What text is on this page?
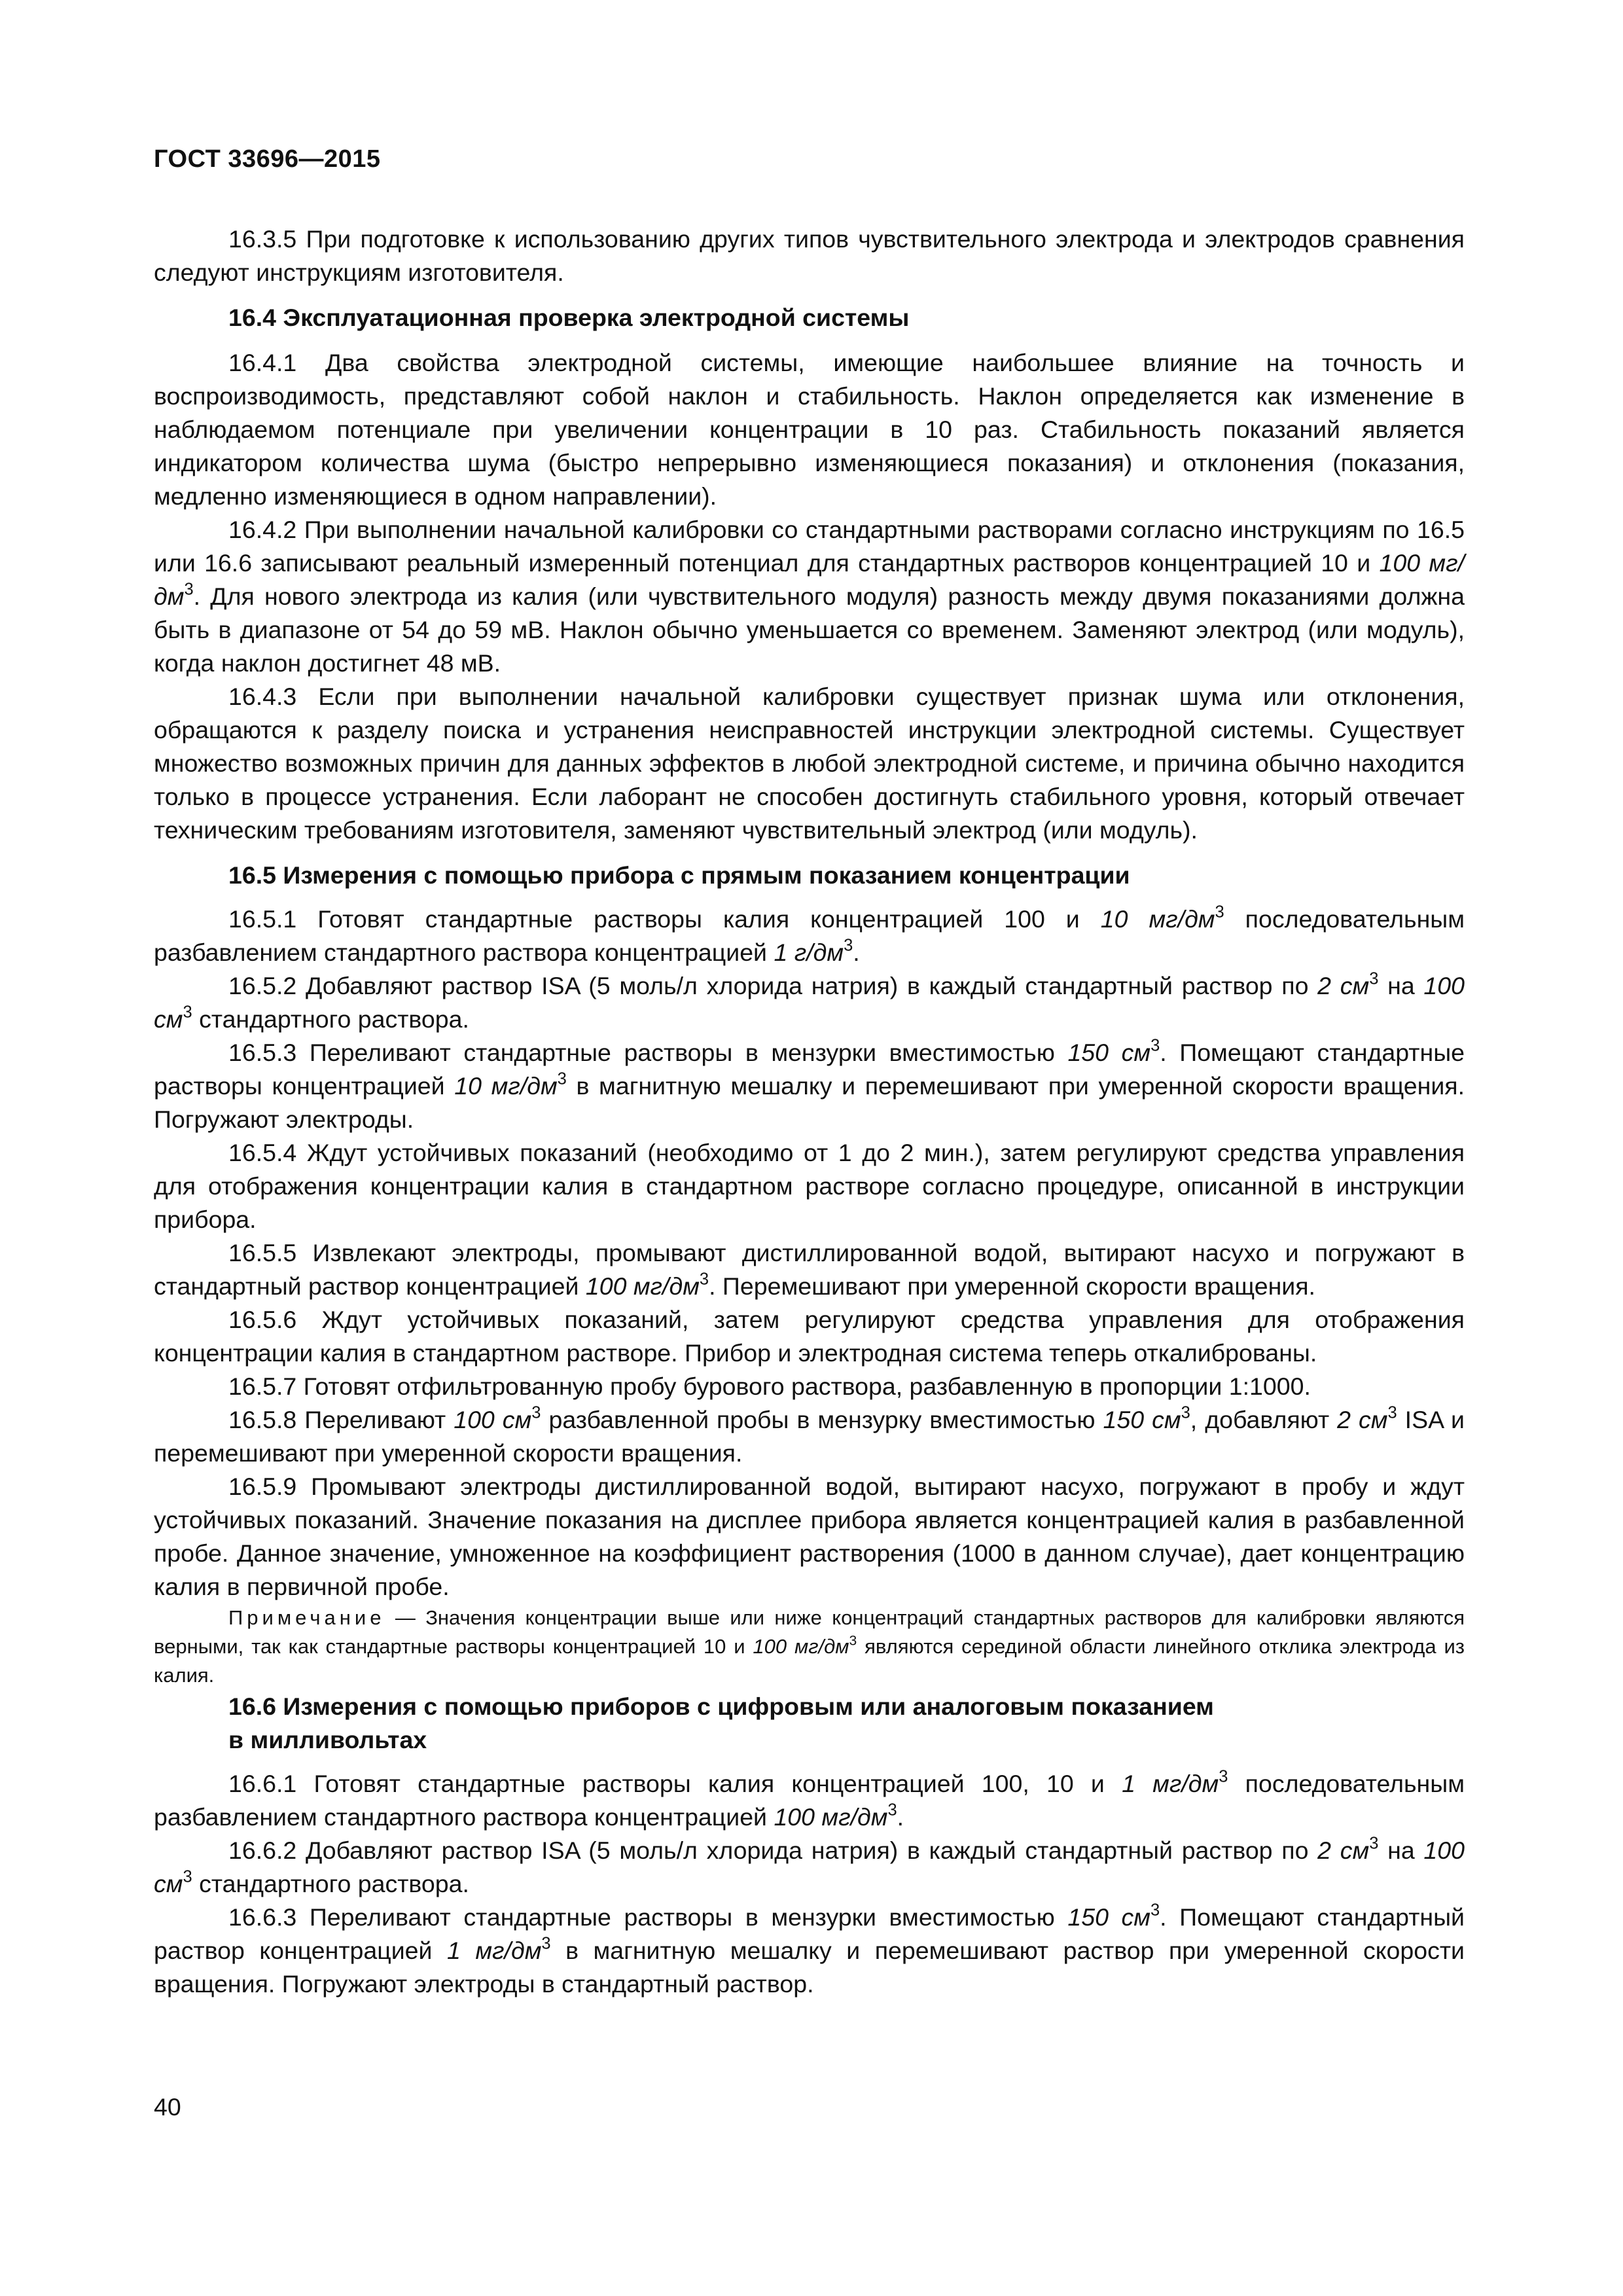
ГОСТ 33696—2015

16.3.5 При подготовке к использованию других типов чувствительного электрода и электродов сравнения следуют инструкциям изготовителя.

16.4 Эксплуатационная проверка электродной системы

16.4.1 Два свойства электродной системы, имеющие наибольшее влияние на точность и воспроизводимость, представляют собой наклон и стабильность. Наклон определяется как изменение в наблюдаемом потенциале при увеличении концентрации в 10 раз. Стабильность показаний является индикатором количества шума (быстро непрерывно изменяющиеся показания) и отклонения (показания, медленно изменяющиеся в одном направлении).

16.4.2 При выполнении начальной калибровки со стандартными растворами согласно инструкциям по 16.5 или 16.6 записывают реальный измеренный потенциал для стандартных растворов концентрацией 10 и 100 $мг/дм^3$. Для нового электрода из калия (или чувствительного модуля) разность между двумя показаниями должна быть в диапазоне от 54 до 59 мВ. Наклон обычно уменьшается со временем. Заменяют электрод (или модуль), когда наклон достигнет 48 мВ.

16.4.3 Если при выполнении начальной калибровки существует признак шума или отклонения, обращаются к разделу поиска и устранения неисправностей инструкции электродной системы. Существует множество возможных причин для данных эффектов в любой электродной системе, и причина обычно находится только в процессе устранения. Если лаборант не способен достигнуть стабильного уровня, который отвечает техническим требованиям изготовителя, заменяют чувствительный электрод (или модуль).

16.5 Измерения с помощью прибора с прямым показанием концентрации

16.5.1 Готовят стандартные растворы калия концентрацией 100 и 10 $мг/дм^3$ последовательным разбавлением стандартного раствора концентрацией 1 $г/дм^3$.

16.5.2 Добавляют раствор ISA (5 моль/л хлорида натрия) в каждый стандартный раствор по 2 $см^3$ на 100 $см^3$ стандартного раствора.

16.5.3 Переливают стандартные растворы в мензурки вместимостью 150 $см^3$. Помещают стандартные растворы концентрацией 10 $мг/дм^3$ в магнитную мешалку и перемешивают при умеренной скорости вращения. Погружают электроды.

16.5.4 Ждут устойчивых показаний (необходимо от 1 до 2 мин.), затем регулируют средства управления для отображения концентрации калия в стандартном растворе согласно процедуре, описанной в инструкции прибора.

16.5.5 Извлекают электроды, промывают дистиллированной водой, вытирают насухо и погружают в стандартный раствор концентрацией 100 $мг/дм^3$. Перемешивают при умеренной скорости вращения.

16.5.6 Ждут устойчивых показаний, затем регулируют средства управления для отображения концентрации калия в стандартном растворе. Прибор и электродная система теперь откалиброваны.

16.5.7 Готовят отфильтрованную пробу бурового раствора, разбавленную в пропорции 1:1000.

16.5.8 Переливают 100 $см^3$ разбавленной пробы в мензурку вместимостью 150 $см^3$, добавляют 2 $см^3$ ISA и перемешивают при умеренной скорости вращения.

16.5.9 Промывают электроды дистиллированной водой, вытирают насухо, погружают в пробу и ждут устойчивых показаний. Значение показания на дисплее прибора является концентрацией калия в разбавленной пробе. Данное значение, умноженное на коэффициент растворения (1000 в данном случае), дает концентрацию калия в первичной пробе.

Примечание — Значения концентрации выше или ниже концентраций стандартных растворов для калибровки являются верными, так как стандартные растворы концентрацией 10 и 100 $мг/дм^3$ являются серединой области линейного отклика электрода из калия.

16.6 Измерения с помощью приборов с цифровым или аналоговым показанием
в милливольтах

16.6.1 Готовят стандартные растворы калия концентрацией 100, 10 и 1 $мг/дм^3$ последовательным разбавлением стандартного раствора концентрацией 100 $мг/дм^3$.

16.6.2 Добавляют раствор ISA (5 моль/л хлорида натрия) в каждый стандартный раствор по 2 $см^3$ на 100 $см^3$ стандартного раствора.

16.6.3 Переливают стандартные растворы в мензурки вместимостью 150 $см^3$. Помещают стандартный раствор концентрацией 1 $мг/дм^3$ в магнитную мешалку и перемешивают раствор при умеренной скорости вращения. Погружают электроды в стандартный раствор.

40
